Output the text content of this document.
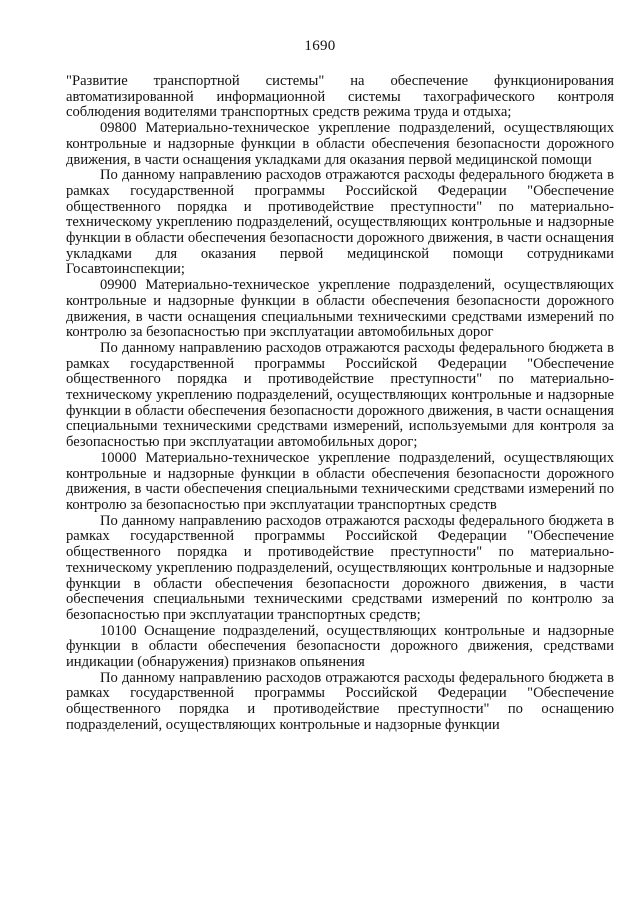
1690

"Развитие транспортной системы" на обеспечение функционирования автоматизированной информационной системы тахографического контроля соблюдения водителями транспортных средств режима труда и отдыха;

09800 Материально-техническое укрепление подразделений, осуществляющих контрольные и надзорные функции в области обеспечения безопасности дорожного движения, в части оснащения укладками для оказания первой медицинской помощи

По данному направлению расходов отражаются расходы федерального бюджета в рамках государственной программы Российской Федерации "Обеспечение общественного порядка и противодействие преступности" по материально-техническому укреплению подразделений, осуществляющих контрольные и надзорные функции в области обеспечения безопасности дорожного движения, в части оснащения укладками для оказания первой медицинской помощи сотрудниками Госавтоинспекции;

09900 Материально-техническое укрепление подразделений, осуществляющих контрольные и надзорные функции в области обеспечения безопасности дорожного движения, в части оснащения специальными техническими средствами измерений по контролю за безопасностью при эксплуатации автомобильных дорог

По данному направлению расходов отражаются расходы федерального бюджета в рамках государственной программы Российской Федерации "Обеспечение общественного порядка и противодействие преступности" по материально-техническому укреплению подразделений, осуществляющих контрольные и надзорные функции в области обеспечения безопасности дорожного движения, в части оснащения специальными техническими средствами измерений, используемыми для контроля за безопасностью при эксплуатации автомобильных дорог;

10000 Материально-техническое укрепление подразделений, осуществляющих контрольные и надзорные функции в области обеспечения безопасности дорожного движения, в части обеспечения специальными техническими средствами измерений по контролю за безопасностью при эксплуатации транспортных средств

По данному направлению расходов отражаются расходы федерального бюджета в рамках государственной программы Российской Федерации "Обеспечение общественного порядка и противодействие преступности" по материально-техническому укреплению подразделений, осуществляющих контрольные и надзорные функции в области обеспечения безопасности дорожного движения, в части обеспечения специальными техническими средствами измерений по контролю за безопасностью при эксплуатации транспортных средств;

10100 Оснащение подразделений, осуществляющих контрольные и надзорные функции в области обеспечения безопасности дорожного движения, средствами индикации (обнаружения) признаков опьянения

По данному направлению расходов отражаются расходы федерального бюджета в рамках государственной программы Российской Федерации "Обеспечение общественного порядка и противодействие преступности" по оснащению подразделений, осуществляющих контрольные и надзорные функции
